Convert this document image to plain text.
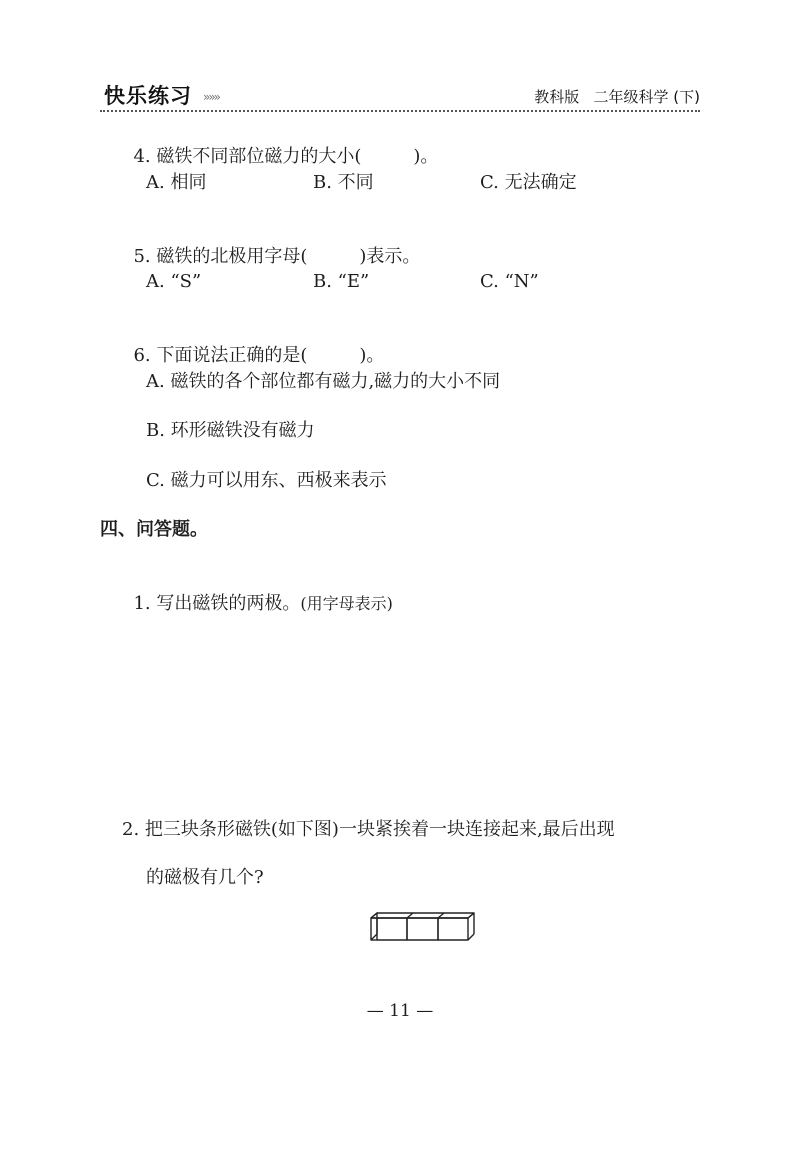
快乐练习 »»»	教科版   二年级科学 (下)

4. 磁铁不同部位磁力的大小(	)。

A. 相同	B. 不同	C. 无法确定

5. 磁铁的北极用字母(	)表示。

A. “S”	B. “E”	C. “N”

6. 下面说法正确的是(	)。

A. 磁铁的各个部位都有磁力,磁力的大小不同
B. 环形磁铁没有磁力
C. 磁力可以用东、西极来表示
四、问答题。

1. 写出磁铁的两极。(用字母表示)

2. 把三块条形磁铁(如下图)一块紧挨着一块连接起来,最后出现
的磁极有几个?
— 11 —
